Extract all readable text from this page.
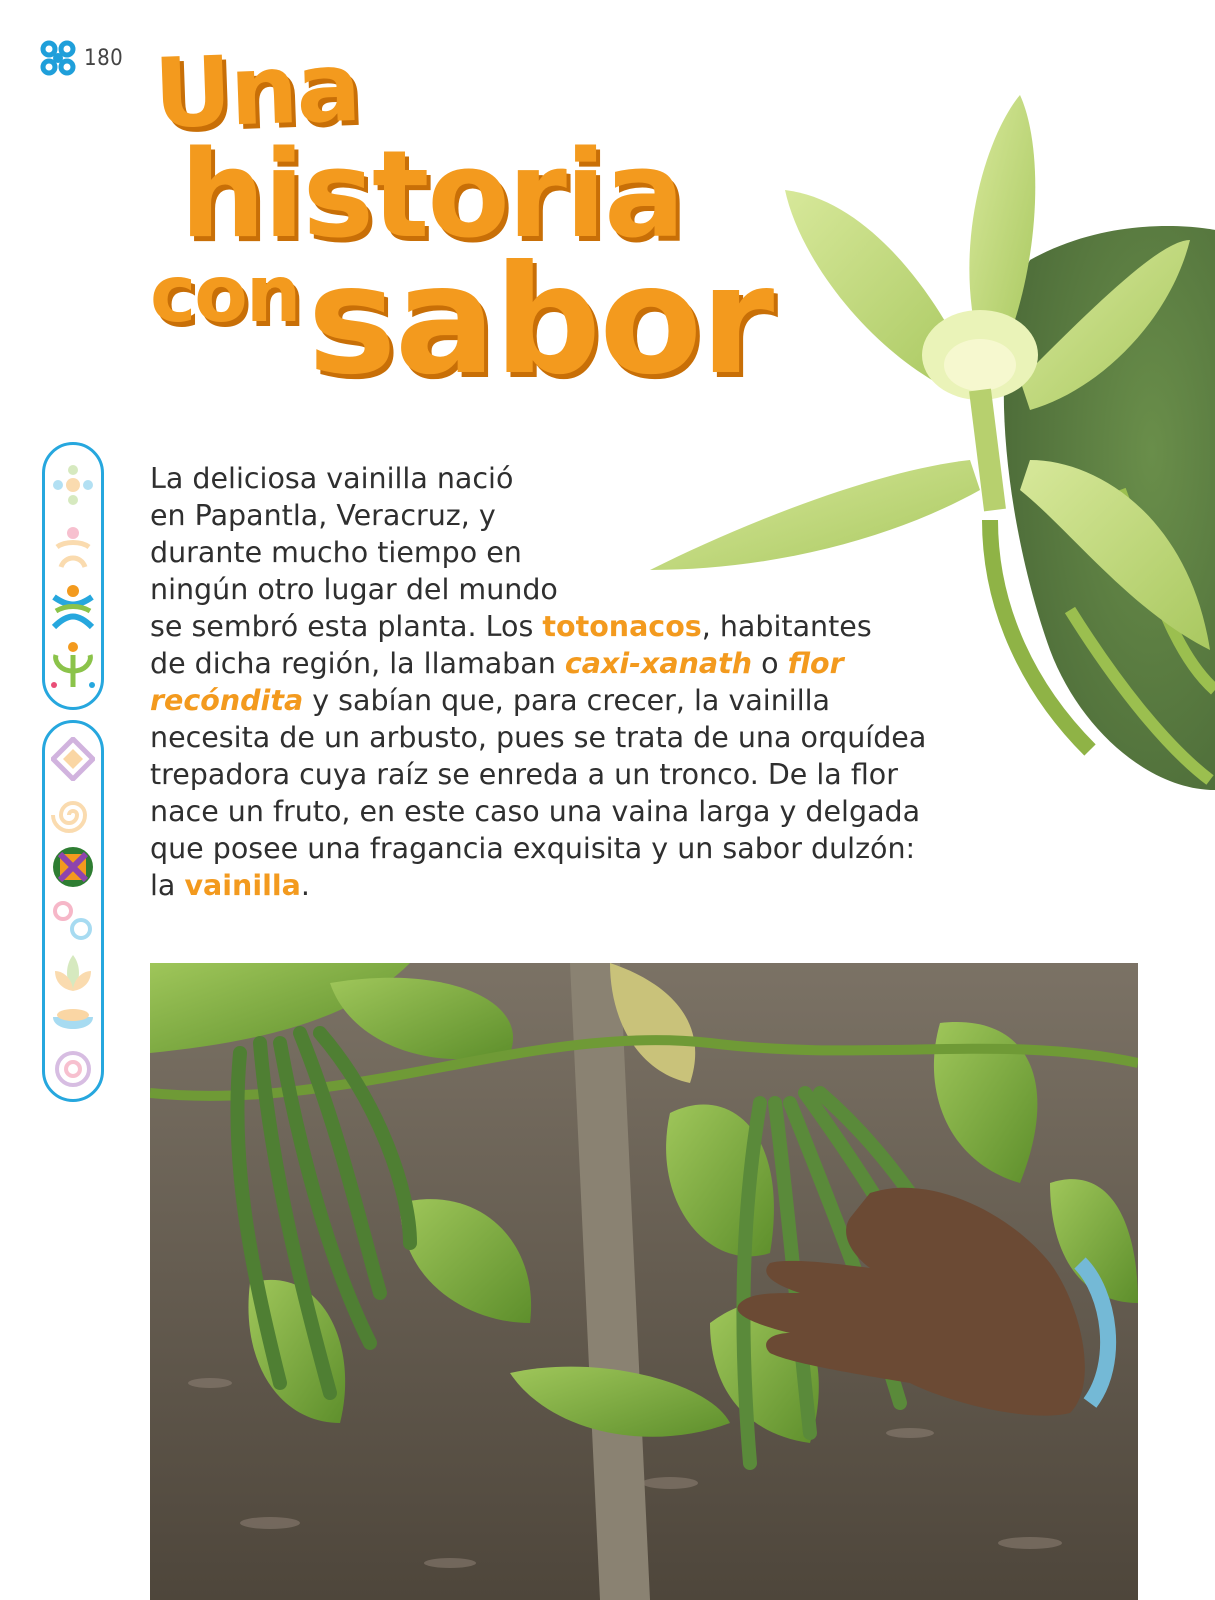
180 Una
historia
con sabor
La deliciosa vainilla nació
en Papantla, Veracruz, y
durante mucho tiempo en
ningún otro lugar del mundo
se sembró esta planta. Los totonacos, habitantes
de dicha región, la llamaban caxi-xanath o flor
recóndita y sabían que, para crecer, la vainilla
necesita de un arbusto, pues se trata de una orquídea
trepadora cuya raíz se enreda a un tronco. De la flor
nace un fruto, en este caso una vaina larga y delgada
que posee una fragancia exquisita y un sabor dulzón:
la vainilla.
